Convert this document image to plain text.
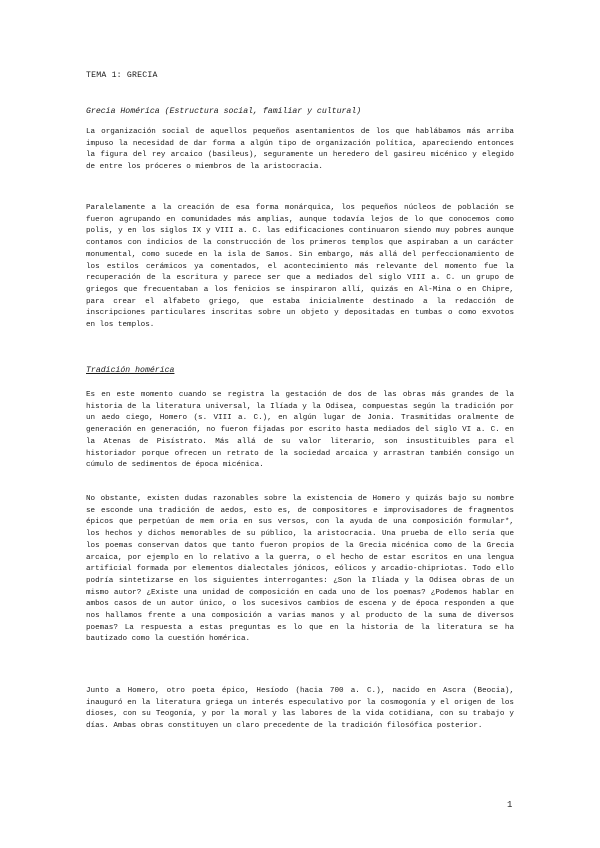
TEMA 1: GRECIA
Grecia Homérica (Estructura social, familiar y cultural)

La organización social de aquellos pequeños asentamientos de los que hablábamos más arriba impuso la necesidad de dar forma a algún tipo de organización política, apareciendo entonces la figura del rey arcaico (basileus), seguramente un heredero del gasireu micénico y elegido de entre los próceres o miembros de la aristocracia.

Paralelamente a la creación de esa forma monárquica, los pequeños núcleos de población se fueron agrupando en comunidades más amplias, aunque todavía lejos de lo que conocemos como polis, y en los siglos IX y VIII a. C. las edificaciones continuaron siendo muy pobres aunque contamos con indicios de la construcción de los primeros templos que aspiraban a un carácter monumental, como sucede en la isla de Samos. Sin embargo, más allá del perfeccionamiento de los estilos cerámicos ya comentados, el acontecimiento más relevante del momento fue la recuperación de la escritura y parece ser que a mediados del siglo VIII a. C. un grupo de griegos que frecuentaban a los fenicios se inspiraron allí, quizás en Al-Mina o en Chipre, para crear el alfabeto griego, que estaba inicialmente destinado a la redacción de inscripciones particulares inscritas sobre un objeto y depositadas en tumbas o como exvotos en los templos.

Tradición homérica

Es en este momento cuando se registra la gestación de dos de las obras más grandes de la historia de la literatura universal, la Ilíada y la Odisea, compuestas según la tradición por un aedo ciego, Homero (s. VIII a. C.), en algún lugar de Jonia. Trasmitidas oralmente de generación en generación, no fueron fijadas por escrito hasta mediados del siglo VI a. C. en la Atenas de Pisístrato. Más allá de su valor literario, son insustituibles para el historiador porque ofrecen un retrato de la sociedad arcaica y arrastran también consigo un cúmulo de sedimentos de época micénica.

No obstante, existen dudas razonables sobre la existencia de Homero y quizás bajo su nombre se esconde una tradición de aedos, esto es, de compositores e improvisadores de fragmentos épicos que perpetúan de mem oria en sus versos, con la ayuda de una composición formular*, los hechos y dichos memorables de su público, la aristocracia. Una prueba de ello sería que los poemas conservan datos que tanto fueron propios de la Grecia micénica como de la Grecia arcaica, por ejemplo en lo relativo a la guerra, o el hecho de estar escritos en una lengua artificial formada por elementos dialectales jónicos, eólicos y arcadio-chipriotas. Todo ello podría sintetizarse en los siguientes interrogantes: ¿Son la Ilíada y la Odisea obras de un mismo autor? ¿Existe una unidad de composición en cada uno de los poemas? ¿Podemos hablar en ambos casos de un autor único, o los sucesivos cambios de escena y de época responden a que nos hallamos frente a una composición a varias manos y al producto de la suma de diversos poemas? La respuesta a estas preguntas es lo que en la historia de la literatura se ha bautizado como la cuestión homérica.

Junto a Homero, otro poeta épico, Hesíodo (hacia 700 a. C.), nacido en Ascra (Beocia), inauguró en la literatura griega un interés especulativo por la cosmogonía y el origen de los dioses, con su Teogonía, y por la moral y las labores de la vida cotidiana, con su trabajo y días. Ambas obras constituyen un claro precedente de la tradición filosófica posterior.

1
